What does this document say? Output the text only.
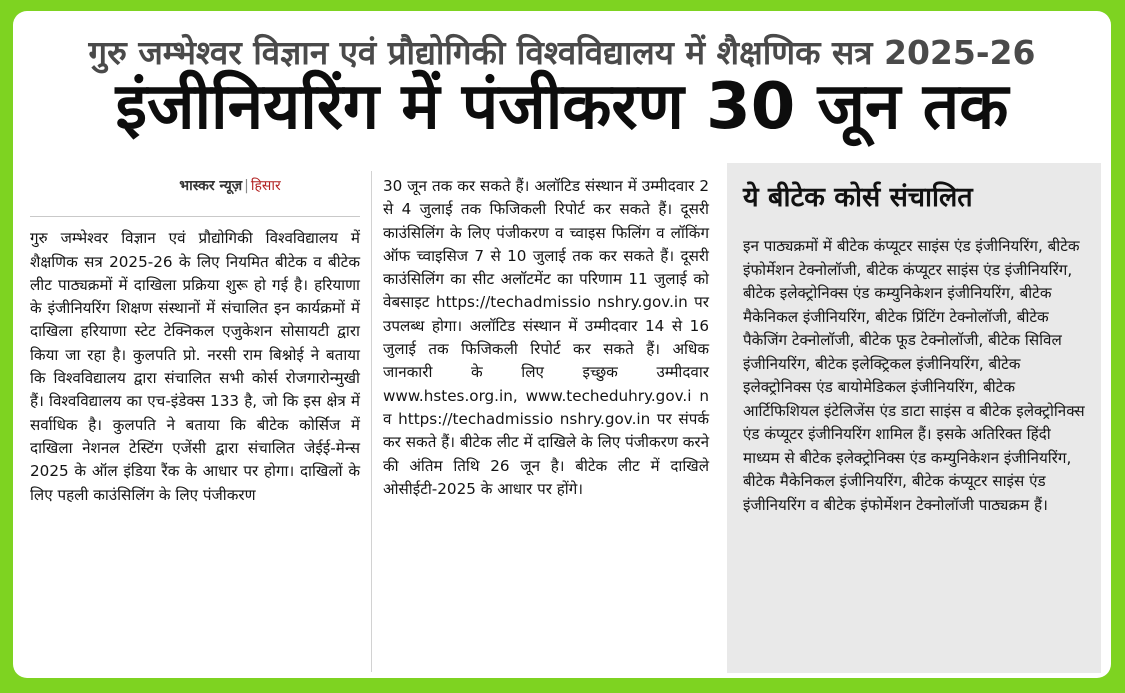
गुरु जम्भेश्वर विज्ञान एवं प्रौद्योगिकी विश्वविद्यालय में शैक्षणिक सत्र 2025-26
इंजीनियरिंग में पंजीकरण 30 जून तक
भास्कर न्यूज़ | हिसार

गुरु जम्भेश्वर विज्ञान एवं प्रौद्योगिकी विश्वविद्यालय में शैक्षणिक सत्र 2025-26 के लिए नियमित बीटेक व बीटेक लीट पाठ्यक्रमों में दाखिला प्रक्रिया शुरू हो गई है। हरियाणा के इंजीनियरिंग शिक्षण संस्थानों में संचालित इन कार्यक्रमों में दाखिला हरियाणा स्टेट टेक्निकल एजुकेशन सोसायटी द्वारा किया जा रहा है। कुलपति प्रो. नरसी राम बिश्नोई ने बताया कि विश्वविद्यालय द्वारा संचालित सभी कोर्स रोजगारोन्मुखी हैं। विश्वविद्यालय का एच-इंडेक्स 133 है, जो कि इस क्षेत्र में सर्वाधिक है। कुलपति ने बताया कि बीटेक कोर्सिज में दाखिला नेशनल टेस्टिंग एजेंसी द्वारा संचालित जेईई-मेन्स 2025 के ऑल इंडिया रैंक के आधार पर होगा। दाखिलों के लिए पहली काउंसिलिंग के लिए पंजीकरण

30 जून तक कर सकते हैं। अलॉटिड संस्थान में उम्मीदवार 2 से 4 जुलाई तक फिजिकली रिपोर्ट कर सकते हैं। दूसरी काउंसिलिंग के लिए पंजीकरण व च्वाइस फिलिंग व लॉकिंग ऑफ च्वाइसिज 7 से 10 जुलाई तक कर सकते हैं। दूसरी काउंसिलिंग का सीट अलॉटमेंट का परिणाम 11 जुलाई को वेबसाइट https://techadmissio nshry.gov.in पर उपलब्ध होगा। अलॉटिड संस्थान में उम्मीदवार 14 से 16 जुलाई तक फिजिकली रिपोर्ट कर सकते हैं। अधिक जानकारी के लिए इच्छुक उम्मीदवार www.hstes.org.in, www.techeduhry.gov.i n व https://techadmissio nshry.gov.in पर संपर्क कर सकते हैं। बीटेक लीट में दाखिले के लिए पंजीकरण करने की अंतिम तिथि 26 जून है। बीटेक लीट में दाखिले ओसीईटी-2025 के आधार पर होंगे।

ये बीटेक कोर्स संचालित
इन पाठ्यक्रमों में बीटेक कंप्यूटर साइंस एंड इंजीनियरिंग, बीटेक इंफोर्मेशन टेक्नोलॉजी, बीटेक कंप्यूटर साइंस एंड इंजीनियरिंग, बीटेक इलेक्ट्रोनिक्स एंड कम्युनिकेशन इंजीनियरिंग, बीटेक मैकेनिकल इंजीनियरिंग, बीटेक प्रिंटिंग टेक्नोलॉजी, बीटेक पैकेजिंग टेक्नोलॉजी, बीटेक फूड टेक्नोलॉजी, बीटेक सिविल इंजीनियरिंग, बीटेक इलेक्ट्रिकल इंजीनियरिंग, बीटेक इलेक्ट्रोनिक्स एंड बायोमेडिकल इंजीनियरिंग, बीटेक आर्टिफिशियल इंटेलिजेंस एंड डाटा साइंस व बीटेक इलेक्ट्रोनिक्स एंड कंप्यूटर इंजीनियरिंग शामिल हैं। इसके अतिरिक्त हिंदी माध्यम से बीटेक इलेक्ट्रोनिक्स एंड कम्युनिकेशन इंजीनियरिंग, बीटेक मैकेनिकल इंजीनियरिंग, बीटेक कंप्यूटर साइंस एंड इंजीनियरिंग व बीटेक इंफोर्मेशन टेक्नोलॉजी पाठ्यक्रम हैं।
